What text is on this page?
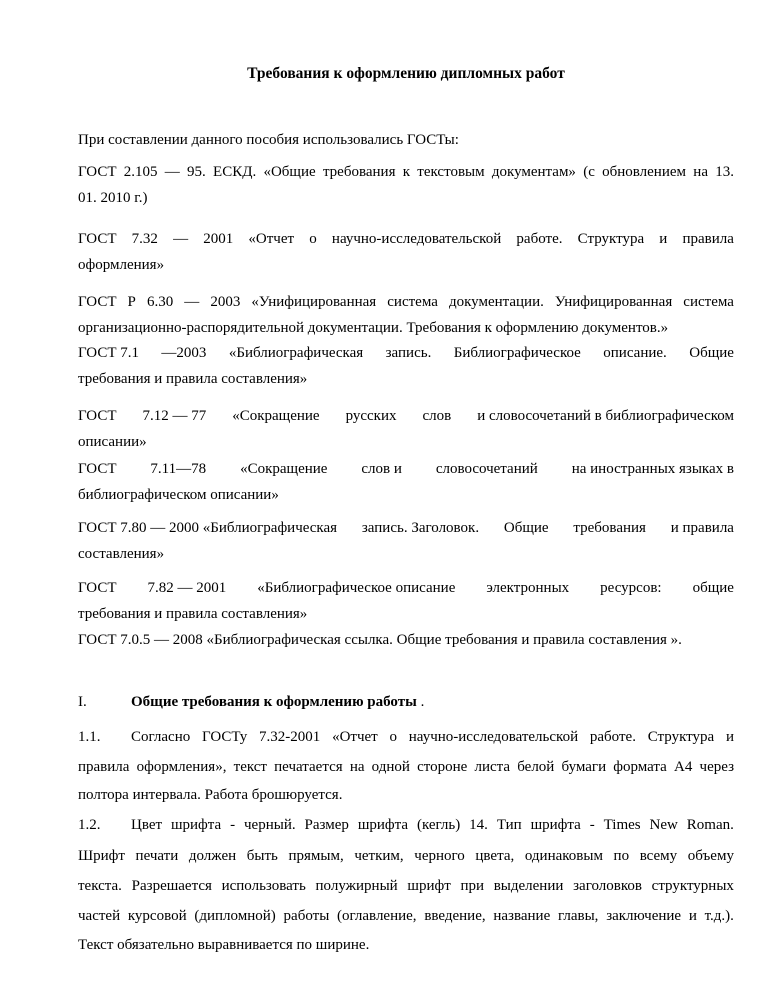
Требования к оформлению дипломных работ
При составлении данного пособия использовались ГОСТы:
ГОСТ 2.105 — 95. ЕСКД. «Общие требования к текстовым документам» (с обновлением на 13.
01. 2010 г.)
ГОСТ 7.32 — 2001 «Отчет о научно-исследовательской работе. Структура и правила
оформления»
ГОСТ Р 6.30 — 2003 «Унифицированная система документации. Унифицированная система
организационно-распорядительной документации. Требования к оформлению документов.»
ГОСТ 7.1 —2003 «Библиографическая запись. Библиографическое описание. Общие
требования и правила составления»
ГОСТ 7.12 — 77 «Сокращение русских слов и словосочетаний в библиографическом
описании»
ГОСТ 7.11—78 «Сокращение слов и словосочетаний на иностранных языках в
библиографическом описании»
ГОСТ 7.80 — 2000 «Библиографическая запись. Заголовок. Общие требования и правила
составления»
ГОСТ 7.82 — 2001 «Библиографическое описание электронных ресурсов: общие
требования и правила составления»
ГОСТ 7.0.5 — 2008 «Библиографическая ссылка. Общие требования и правила составления ».
I.	Общие требования к оформлению работы .
1.1. Согласно ГОСТу 7.32-2001 «Отчет о научно-исследовательской работе. Структура и
правила оформления», текст печатается на одной стороне листа белой бумаги формата А4 через
полтора интервала. Работа брошюруется.
1.2. Цвет шрифта - черный. Размер шрифта (кегль) 14. Тип шрифта - Times New Roman.
Шрифт печати должен быть прямым, четким, черного цвета, одинаковым по всему объему
текста. Разрешается использовать полужирный шрифт при выделении заголовков структурных
частей курсовой (дипломной) работы (оглавление, введение, название главы, заключение и т.д.).
Текст обязательно выравнивается по ширине.
